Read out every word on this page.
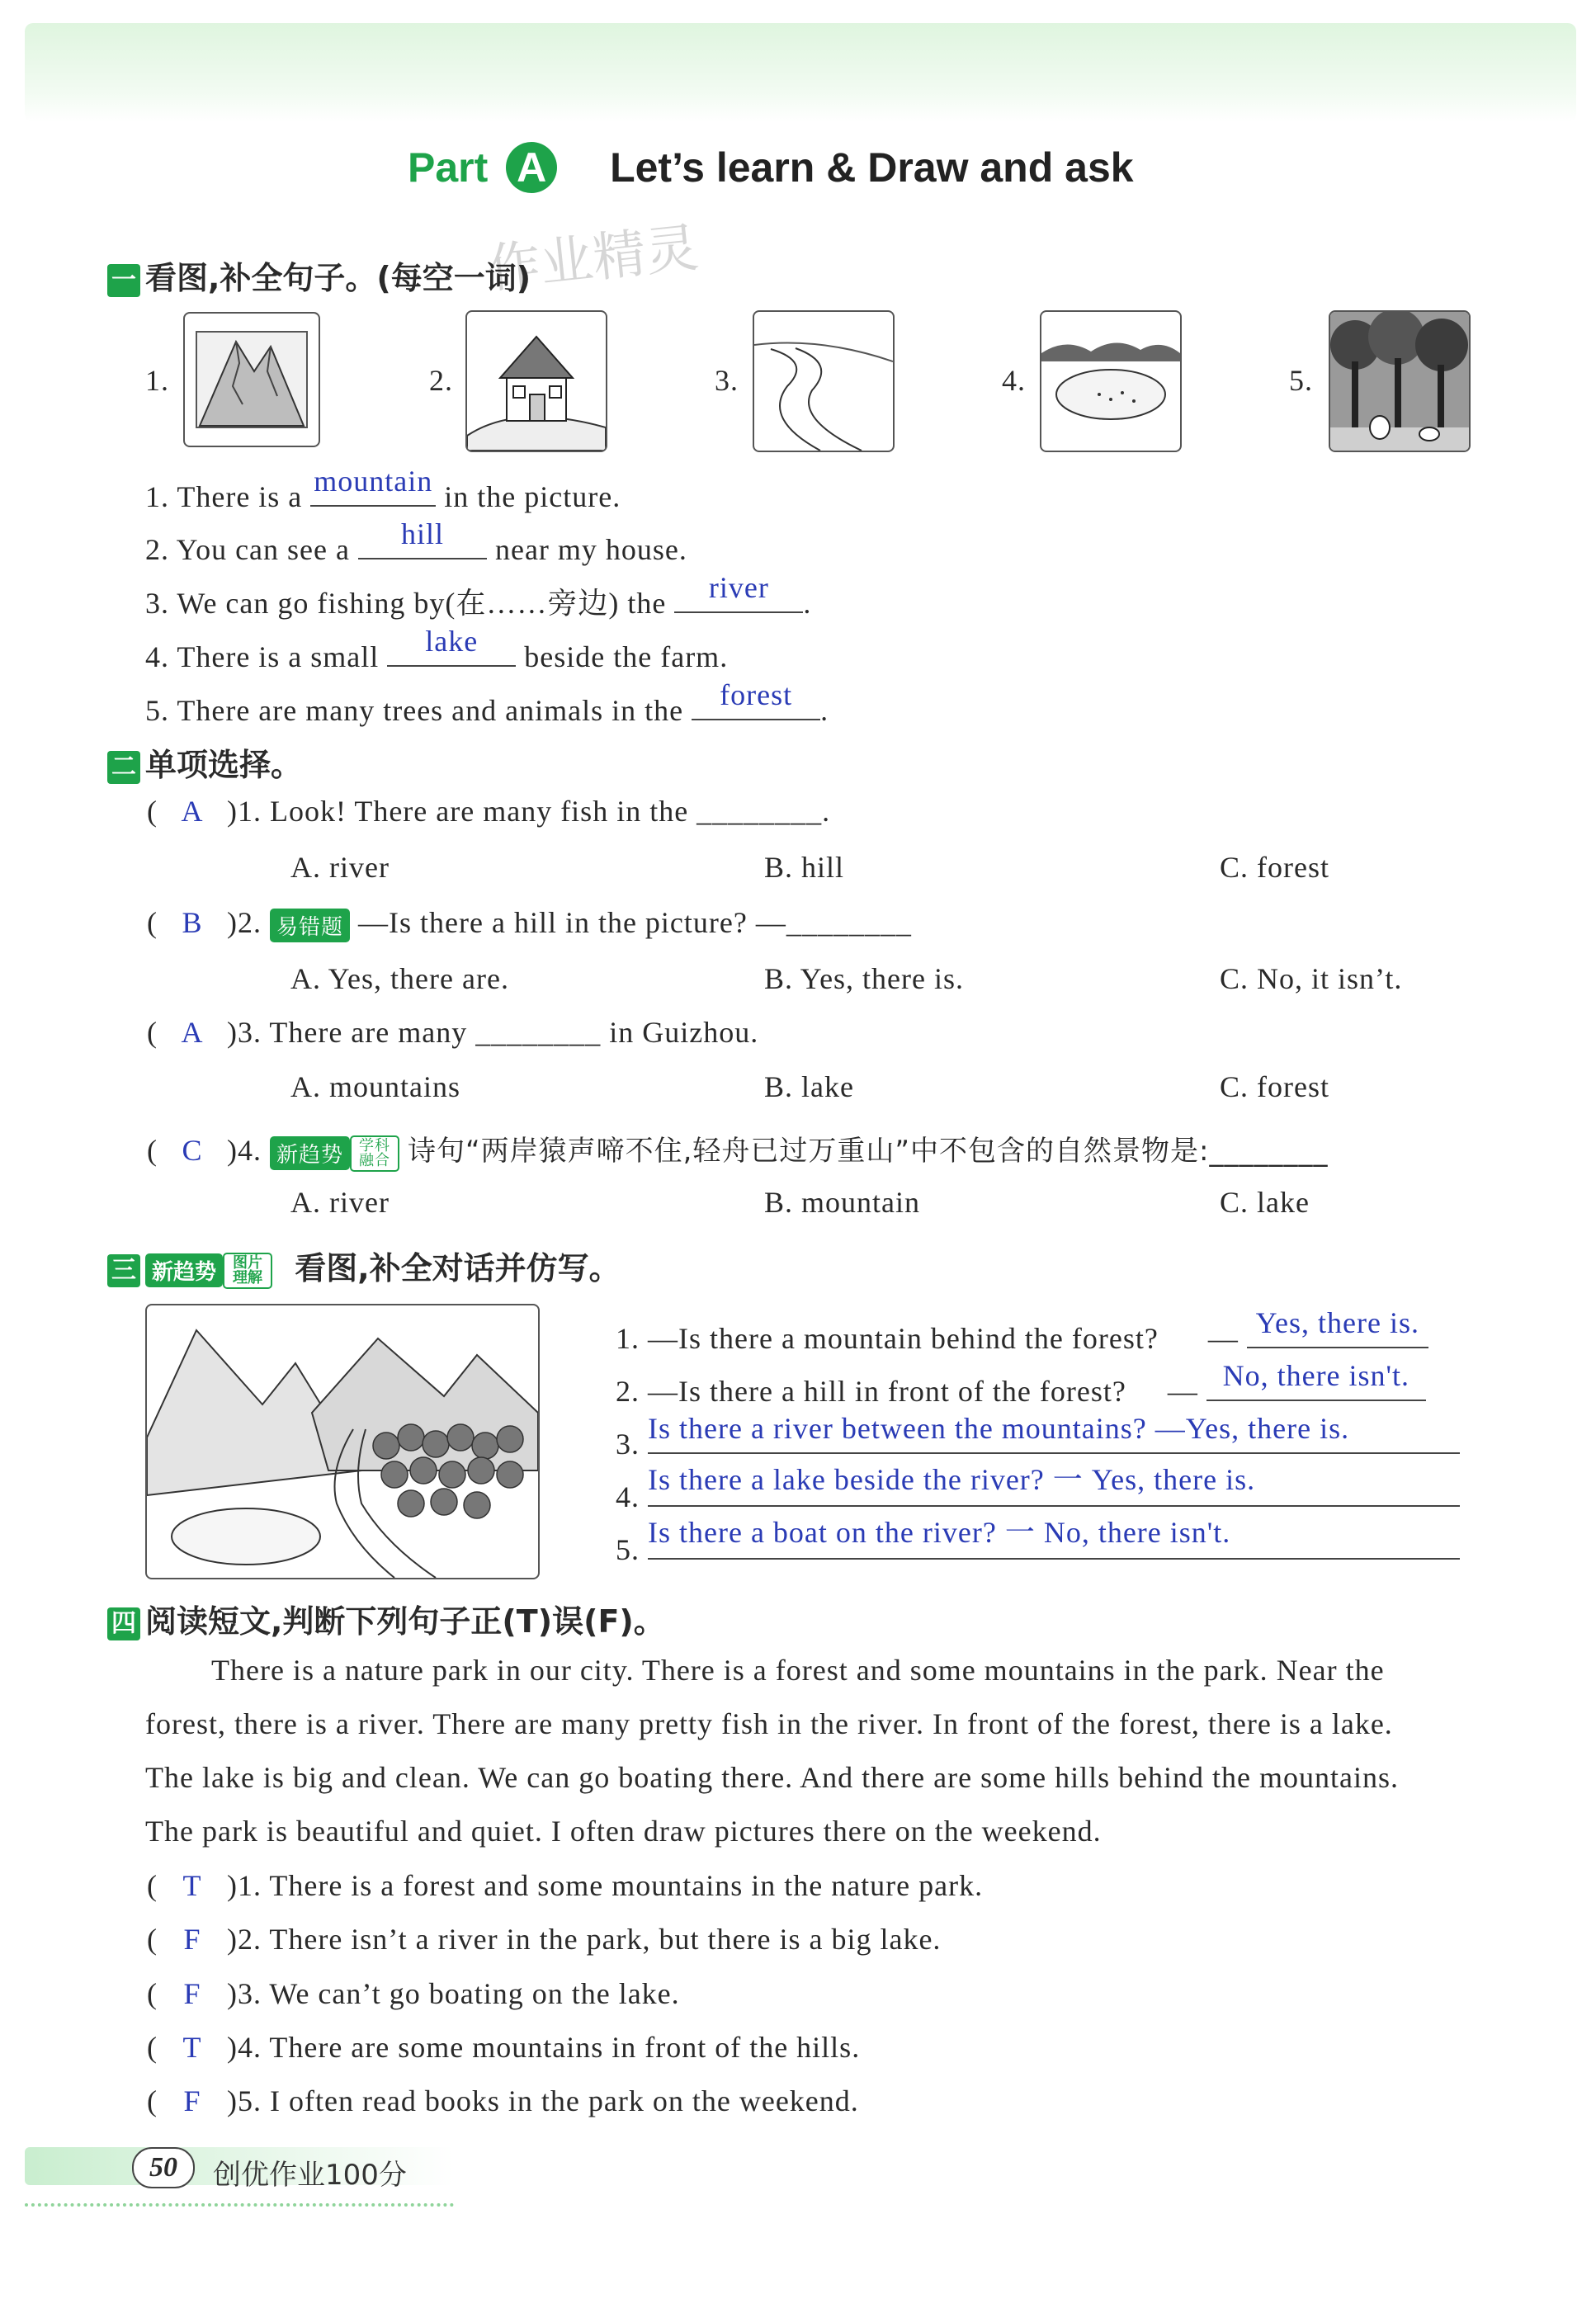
Part A Let’s learn & Draw and ask
作业精灵
一 看图,补全句子。(每空一词)
1.	2.	3.	4.	5.
1. There is a mountain in the picture.
2. You can see a	hill	near my house.
3. We can go fishing by(在……旁边) the	river	.
4. There is a small	lake	beside the farm.
5. There are many trees and animals in the	forest .
二 单项选择。
( A )1. Look! There are many fish in the ________.
A. river	B. hill	C. forest
( B )2. 易错题 —Is there a hill in the picture? —________
A. Yes, there are.	B. Yes, there is.	C. No, it isn’t.
( A )3. There are many ________ in Guizhou.
A. mountains	B. lake	C. forest
( C )4. 新趋势 学科融合 诗句“两岸猿声啼不住,轻舟已过万重山”中不包含的自然景物是:________
A. river	B. mountain	C. lake
三 新趋势 图片理解 看图,补全对话并仿写。
1. —Is there a mountain behind the forest? — Yes, there is.
2. —Is there a hill in front of the forest? — No, there isn't.
3. Is there a river between the mountains? —Yes, there is.
4.
Is there a lake beside the river? 一 Yes, there is.
5.
Is there a boat on the river? 一 No, there isn't.
四 阅读短文,判断下列句子正(T)误(F)。
There is a nature park in our city. There is a forest and some mountains in the park. Near the
forest, there is a river. There are many pretty fish in the river. In front of the forest, there is a lake.
The lake is big and clean. We can go boating there. And there are some hills behind the mountains.
The park is beautiful and quiet. I often draw pictures there on the weekend.
( T )1. There is a forest and some mountains in the nature park.
( F )2. There isn’t a river in the park, but there is a big lake.
( F )3. We can’t go boating on the lake.
( T )4. There are some mountains in front of the hills.
( F )5. I often read books in the park on the weekend.
50	创优作业100分
